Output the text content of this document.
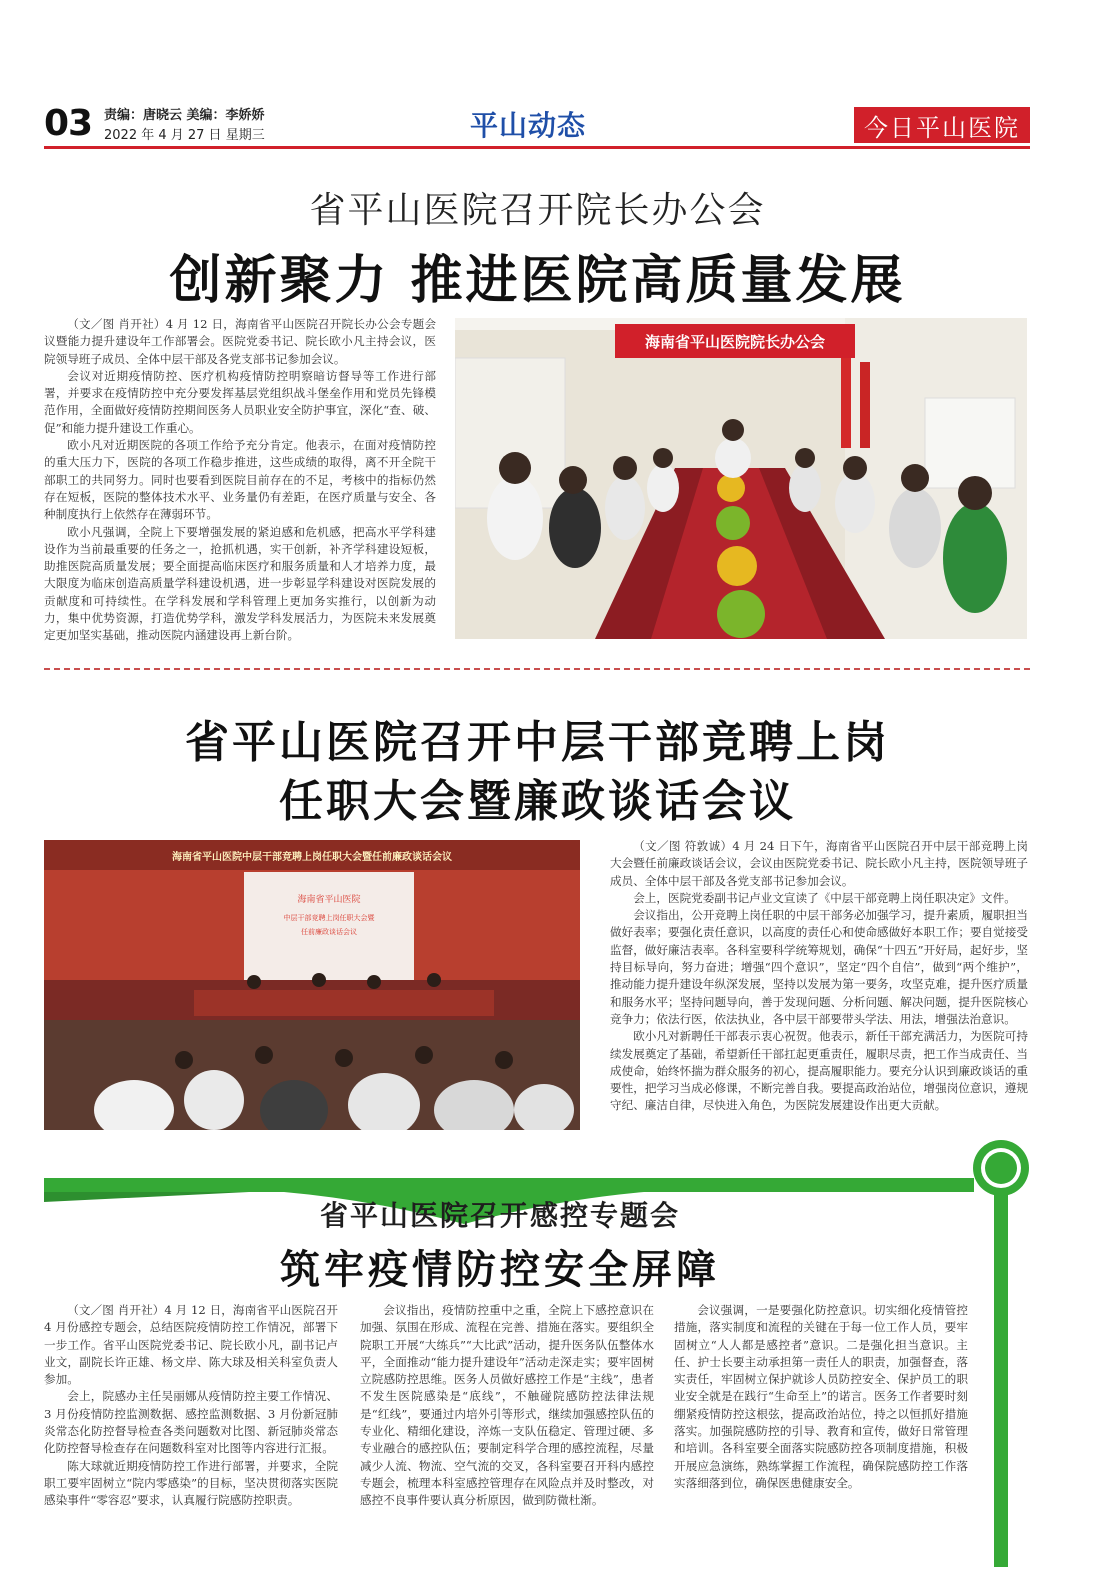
03 责编：唐晓云 美编：李娇娇
2022 年 4 月 27 日 星期三	平山动态	今日平山医院
省平山医院召开院长办公会
创新聚力 推进医院高质量发展

（文／图 肖开社）4 月 12 日，海南省平山医院召开院长办公会专题会议暨能力提升建设年工作部署会。医院党委书记、院长欧小凡主持会议，医院领导班子成员、全体中层干部及各党支部书记参加会议。

会议对近期疫情防控、医疗机构疫情防控明察暗访督导等工作进行部署，并要求在疫情防控中充分要发挥基层党组织战斗堡垒作用和党员先锋模范作用，全面做好疫情防控期间医务人员职业安全防护事宜，深化“查、破、促”和能力提升建设工作重心。

欧小凡对近期医院的各项工作给予充分肯定。他表示，在面对疫情防控的重大压力下，医院的各项工作稳步推进，这些成绩的取得，离不开全院干部职工的共同努力。同时也要看到医院目前存在的不足，考核中的指标仍然存在短板，医院的整体技术水平、业务量仍有差距，在医疗质量与安全、各种制度执行上依然存在薄弱环节。

欧小凡强调，全院上下要增强发展的紧迫感和危机感，把高水平学科建设作为当前最重要的任务之一，抢抓机遇，实干创新，补齐学科建设短板，助推医院高质量发展；要全面提高临床医疗和服务质量和人才培养力度，最大限度为临床创造高质量学科建设机遇，进一步彰显学科建设对医院发展的贡献度和可持续性。在学科发展和学科管理上更加务实推行，以创新为动力，集中优势资源，打造优势学科，激发学科发展活力，为医院未来发展奠定更加坚实基础，推动医院内涵建设再上新台阶。

海南省平山医院院长办公会
省平山医院召开中层干部竞聘上岗
任职大会暨廉政谈话会议
海南省平山医院中层干部竞聘上岗任职大会暨任前廉政谈话会议
海南省平山医院
中层干部竞聘上岗任职大会暨
任前廉政谈话会议

（文／图 符敦诚）4 月 24 日下午，海南省平山医院召开中层干部竞聘上岗大会暨任前廉政谈话会议，会议由医院党委书记、院长欧小凡主持，医院领导班子成员、全体中层干部及各党支部书记参加会议。

会上，医院党委副书记卢业文宣读了《中层干部竞聘上岗任职决定》文件。

会议指出，公开竞聘上岗任职的中层干部务必加强学习，提升素质，履职担当做好表率；要强化责任意识，以高度的责任心和使命感做好本职工作；要自觉接受监督，做好廉洁表率。各科室要科学统筹规划，确保“十四五”开好局，起好步，坚持目标导向，努力奋进；增强“四个意识”，坚定“四个自信”，做到“两个维护”，推动能力提升建设年纵深发展，坚持以发展为第一要务，攻坚克难，提升医疗质量和服务水平；坚持问题导向，善于发现问题、分析问题、解决问题，提升医院核心竞争力；依法行医，依法执业，各中层干部要带头学法、用法，增强法治意识。

欧小凡对新聘任干部表示衷心祝贺。他表示，新任干部充满活力，为医院可持续发展奠定了基础，希望新任干部扛起更重责任，履职尽责，把工作当成责任、当成使命，始终怀揣为群众服务的初心，提高履职能力。要充分认识到廉政谈话的重要性，把学习当成必修课，不断完善自我。要提高政治站位，增强岗位意识，遵规守纪、廉洁自律，尽快进入角色，为医院发展建设作出更大贡献。

省平山医院召开感控专题会
筑牢疫情防控安全屏障

（文／图 肖开社）4 月 12 日，海南省平山医院召开 4 月份感控专题会，总结医院疫情防控工作情况，部署下一步工作。省平山医院党委书记、院长欧小凡，副书记卢业文，副院长许正雄、杨文岸、陈大球及相关科室负责人参加。

会上，院感办主任吴丽娜从疫情防控主要工作情况、3 月份疫情防控监测数据、感控监测数据、3 月份新冠肺炎常态化防控督导检查各类问题数对比图、新冠肺炎常态化防控督导检查存在问题数科室对比图等内容进行汇报。

陈大球就近期疫情防控工作进行部署，并要求，全院职工要牢固树立“院内零感染”的目标，坚决贯彻落实医院感染事件“零容忍”要求，认真履行院感防控职责。

会议指出，疫情防控重中之重，全院上下感控意识在加强、氛围在形成、流程在完善、措施在落实。要组织全院职工开展“大练兵”“大比武”活动，提升医务队伍整体水平，全面推动“能力提升建设年”活动走深走实；要牢固树立院感防控思维。医务人员做好感控工作是“主线”，患者不发生医院感染是“底线”，不触碰院感防控法律法规是“红线”，要通过内培外引等形式，继续加强感控队伍的专业化、精细化建设，淬炼一支队伍稳定、管理过硬、多专业融合的感控队伍；要制定科学合理的感控流程，尽量减少人流、物流、空气流的交叉，各科室要召开科内感控专题会，梳理本科室感控管理存在风险点并及时整改，对感控不良事件要认真分析原因，做到防微杜渐。

会议强调，一是要强化防控意识。切实细化疫情管控措施，落实制度和流程的关键在于每一位工作人员，要牢固树立“人人都是感控者”意识。二是强化担当意识。主任、护士长要主动承担第一责任人的职责，加强督查，落实责任，牢固树立保护就诊人员防控安全、保护员工的职业安全就是在践行“生命至上”的诺言。医务工作者要时刻绷紧疫情防控这根弦，提高政治站位，持之以恒抓好措施落实。加强院感防控的引导、教育和宣传，做好日常管理和培训。各科室要全面落实院感防控各项制度措施，积极开展应急演练，熟练掌握工作流程，确保院感防控工作落实落细落到位，确保医患健康安全。
